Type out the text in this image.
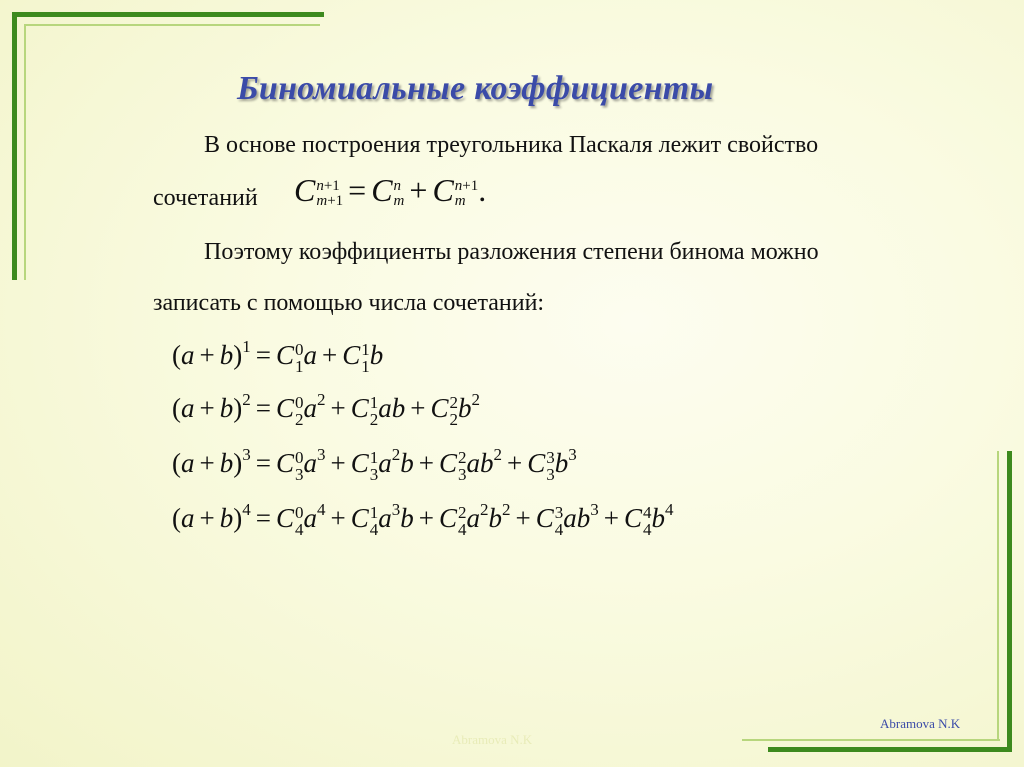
Биномиальные коэффициенты
В основе построения треугольника Паскаля лежит свойство
сочетаний C n+1
m+1 = C n
m + C n+1
m .
Поэтому коэффициенты разложения степени бинома можно
записать с помощью числа сочетаний:
$(a + b)^1 = C$ 0
1 a + C 1
1 b
$(a + b)^2 = C$ 0
2 $a^2 + C$ 1
2 ab + C 2
2 $b^2$
$(a + b)^3 = C$ 0
3 $a^3 + C$ 1
3 $a^2b + C$ 2
3 $ab^2 + C$ 3
3 $b^3$
$(a + b)^4 = C$ 0
4 $a^4 + C$ 1
4 $a^3b + C$ 2
4 $a^2b^2 + C$ 3
4 $ab^3 + C$ 4
4 $b^4$
Abramova N.K
Abramova N.K
